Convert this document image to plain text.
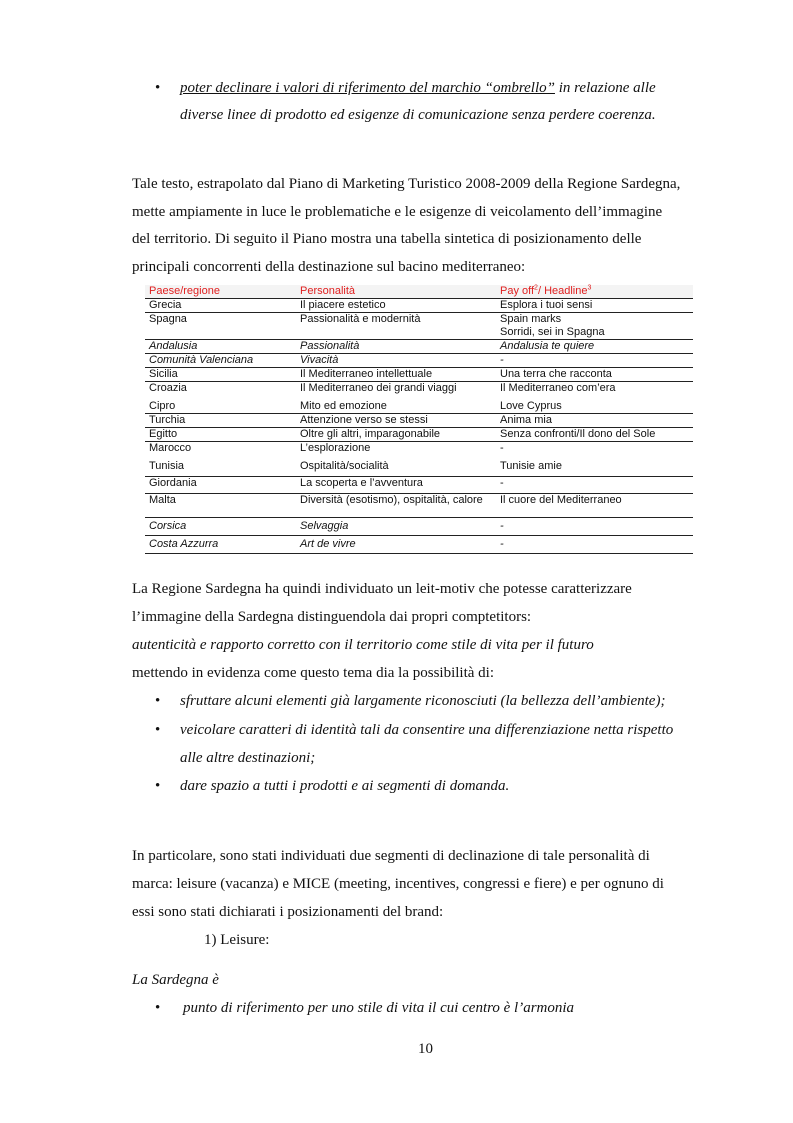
• poter declinare i valori di riferimento del marchio “ombrello” in relazione alle
diverse linee di prodotto ed esigenze di comunicazione senza perdere coerenza.
Tale testo, estrapolato dal Piano di Marketing Turistico 2008-2009 della Regione Sardegna,
mette ampiamente in luce le problematiche e le esigenze di veicolamento dell’immagine
del territorio. Di seguito il Piano mostra una tabella sintetica di posizionamento delle
principali concorrenti della destinazione sul bacino mediterraneo:
Paese/regione	Personalità	Pay off$^2$/ Headline$^3$
Grecia	Il piacere estetico	Esplora i tuoi sensi
Spagna	Passionalità e modernità	Spain marks
		Sorridi, sei in Spagna
Andalusia	Passionalità	Andalusia te quiere
Comunità Valenciana	Vivacità	-
Sicilia	Il Mediterraneo intellettuale	Una terra che racconta
Croazia	Il Mediterraneo dei grandi viaggi	Il Mediterraneo com’era
Cipro	Mito ed emozione	Love Cyprus
Turchia	Attenzione verso se stessi	Anima mia
Egitto	Oltre gli altri, imparagonabile	Senza confronti/Il dono del Sole
Marocco	L’esplorazione	-
Tunisia	Ospitalità/socialità	Tunisie amie
Giordania	La scoperta e l’avventura	-
Malta	Diversità (esotismo), ospitalità, calore	Il cuore del Mediterraneo
Corsica	Selvaggia	-
Costa Azzurra	Art de vivre	-
La Regione Sardegna ha quindi individuato un leit-motiv che potesse caratterizzare
l’immagine della Sardegna distinguendola dai propri comptetitors:
autenticità e rapporto corretto con il territorio come stile di vita per il futuro
mettendo in evidenza come questo tema dia la possibilità di:
• sfruttare alcuni elementi già largamente riconosciuti (la bellezza dell’ambiente);
• veicolare caratteri di identità tali da consentire una differenziazione netta rispetto
alle altre destinazioni;
• dare spazio a tutti i prodotti e ai segmenti di domanda.
In particolare, sono stati individuati due segmenti di declinazione di tale personalità di
marca: leisure (vacanza) e MICE (meeting, incentives, congressi e fiere) e per ognuno di
essi sono stati dichiarati i posizionamenti del brand:
1) Leisure:
La Sardegna è
• punto di riferimento per uno stile di vita il cui centro è l’armonia
10
